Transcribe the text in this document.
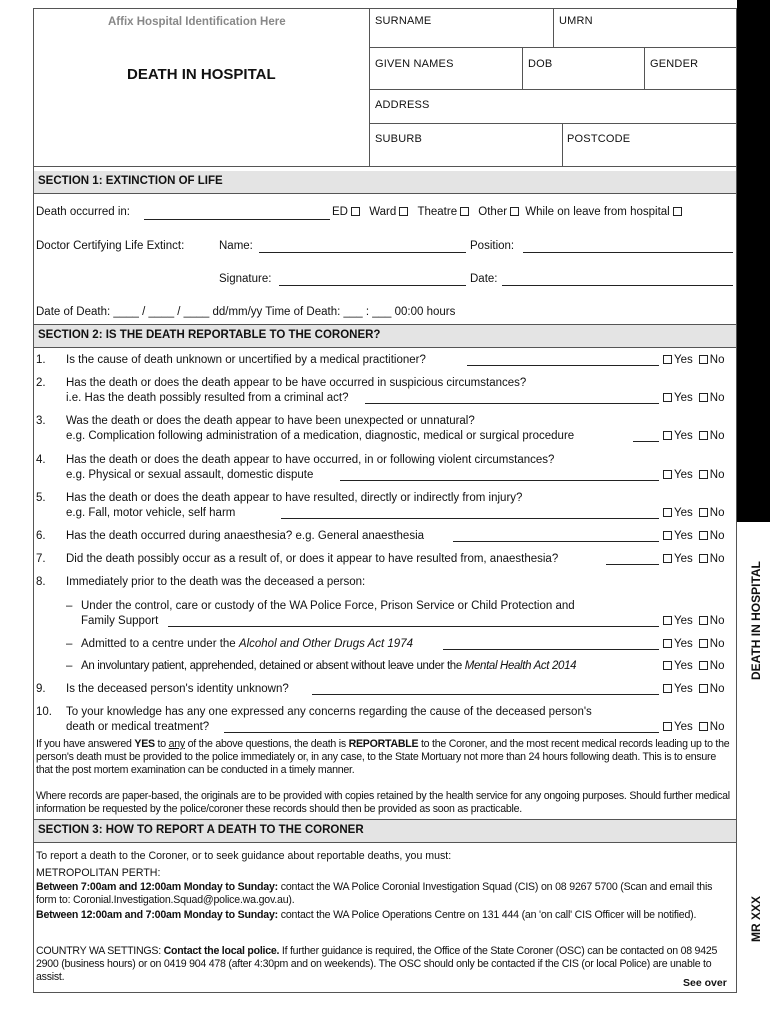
DEATH IN HOSPITAL
MR XXX
Affix Hospital Identification Here
DEATH IN HOSPITAL
SURNAME	UMRN
GIVEN NAMES	DOB	GENDER
ADDRESS
SUBURB	POSTCODE
SECTION 1: EXTINCTION OF LIFE
Death occurred in:	ED Ward Theatre Other While on leave from hospital
Doctor Certifying Life Extinct:	Name:	Position:
Signature:	Date:
Date of Death: ____ / ____ / ____ dd/mm/yy Time of Death: ___ : ___ 00:00 hours
SECTION 2: IS THE DEATH REPORTABLE TO THE CORONER?
1. Is the cause of death unknown or uncertified by a medical practitioner?	Yes No
2. Has the death or does the death appear to be have occurred in suspicious circumstances?
i.e. Has the death possibly resulted from a criminal act?	Yes No
3. Was the death or does the death appear to have been unexpected or unnatural?
e.g. Complication following administration of a medication, diagnostic, medical or surgical procedure	Yes No
4. Has the death or does the death appear to have occurred, in or following violent circumstances?
e.g. Physical or sexual assault, domestic dispute	Yes No
5. Has the death or does the death appear to have resulted, directly or indirectly from injury?
e.g. Fall, motor vehicle, self harm	Yes No
6. Has the death occurred during anaesthesia? e.g. General anaesthesia	Yes No
7. Did the death possibly occur as a result of, or does it appear to have resulted from, anaesthesia?	Yes No
8. Immediately prior to the death was the deceased a person:
– Under the control, care or custody of the WA Police Force, Prison Service or Child Protection and
Family Support	Yes No
– Admitted to a centre under the Alcohol and Other Drugs Act 1974	Yes No
– An involuntary patient, apprehended, detained or absent without leave under the Mental Health Act 2014	Yes No
9. Is the deceased person's identity unknown?	Yes No
10. To your knowledge has any one expressed any concerns regarding the cause of the deceased person's
death or medical treatment?	Yes No
If you have answered YES to any of the above questions, the death is REPORTABLE to the Coroner, and the most recent medical records leading up to the person's death must be provided to the police immediately or, in any case, to the State Mortuary not more than 24 hours following death. This is to ensure that the post mortem examination can be conducted in a timely manner.
Where records are paper-based, the originals are to be provided with copies retained by the health service for any ongoing purposes. Should further medical information be requested by the police/coroner these records should then be provided as soon as practicable.
SECTION 3: HOW TO REPORT A DEATH TO THE CORONER
To report a death to the Coroner, or to seek guidance about reportable deaths, you must:
METROPOLITAN PERTH:
Between 7:00am and 12:00am Monday to Sunday: contact the WA Police Coronial Investigation Squad (CIS) on 08 9267 5700 (Scan and email this form to: Coronial.Investigation.Squad@police.wa.gov.au).
Between 12:00am and 7:00am Monday to Sunday: contact the WA Police Operations Centre on 131 444 (an 'on call' CIS Officer will be notified).
COUNTRY WA SETTINGS: Contact the local police. If further guidance is required, the Office of the State Coroner (OSC) can be contacted on 08 9425 2900 (business hours) or on 0419 904 478 (after 4:30pm and on weekends). The OSC should only be contacted if the CIS (or local Police) are unable to assist.	See over
